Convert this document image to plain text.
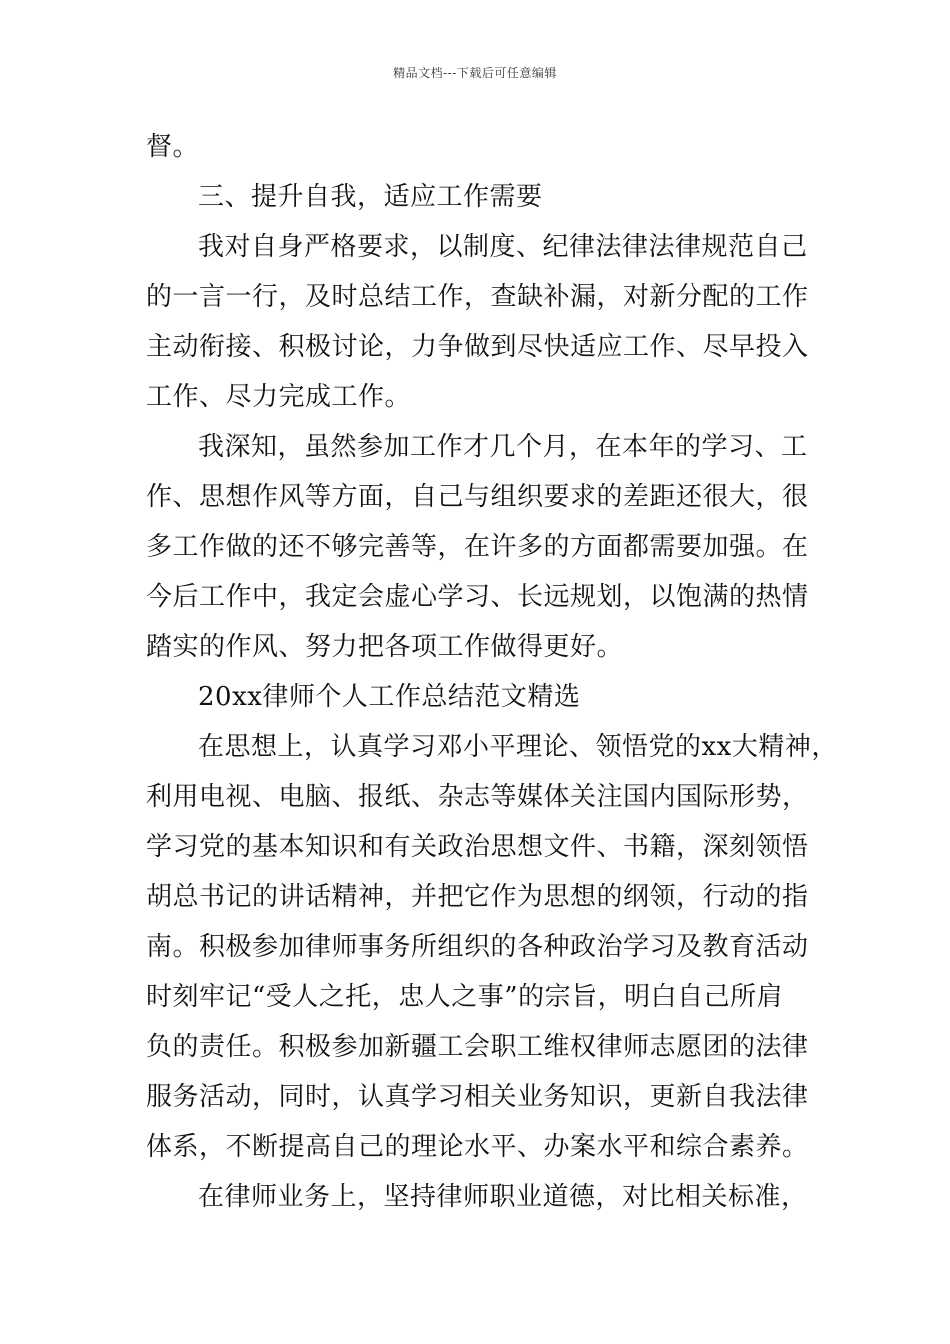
精品文档---下载后可任意编辑
督。
三、提升自我，适应工作需要
我对自身严格要求，以制度、纪律法律法律规范自己
的一言一行，及时总结工作，查缺补漏，对新分配的工作
主动衔接、积极讨论，力争做到尽快适应工作、尽早投入
工作、尽力完成工作。
我深知，虽然参加工作才几个月，在本年的学习、工
作、思想作风等方面，自己与组织要求的差距还很大，很
多工作做的还不够完善等，在许多的方面都需要加强。在
今后工作中，我定会虚心学习、长远规划，以饱满的热情
踏实的作风、努力把各项工作做得更好。
20xx律师个人工作总结范文精选
在思想上，认真学习邓小平理论、领悟党的xx大精神，
利用电视、电脑、报纸、杂志等媒体关注国内国际形势，
学习党的基本知识和有关政治思想文件、书籍，深刻领悟
胡总书记的讲话精神，并把它作为思想的纲领，行动的指
南。积极参加律师事务所组织的各种政治学习及教育活动
时刻牢记“受人之托，忠人之事”的宗旨，明白自己所肩
负的责任。积极参加新疆工会职工维权律师志愿团的法律
服务活动，同时，认真学习相关业务知识，更新自我法律
体系，不断提高自己的理论水平、办案水平和综合素养。
在律师业务上，坚持律师职业道德，对比相关标准，
